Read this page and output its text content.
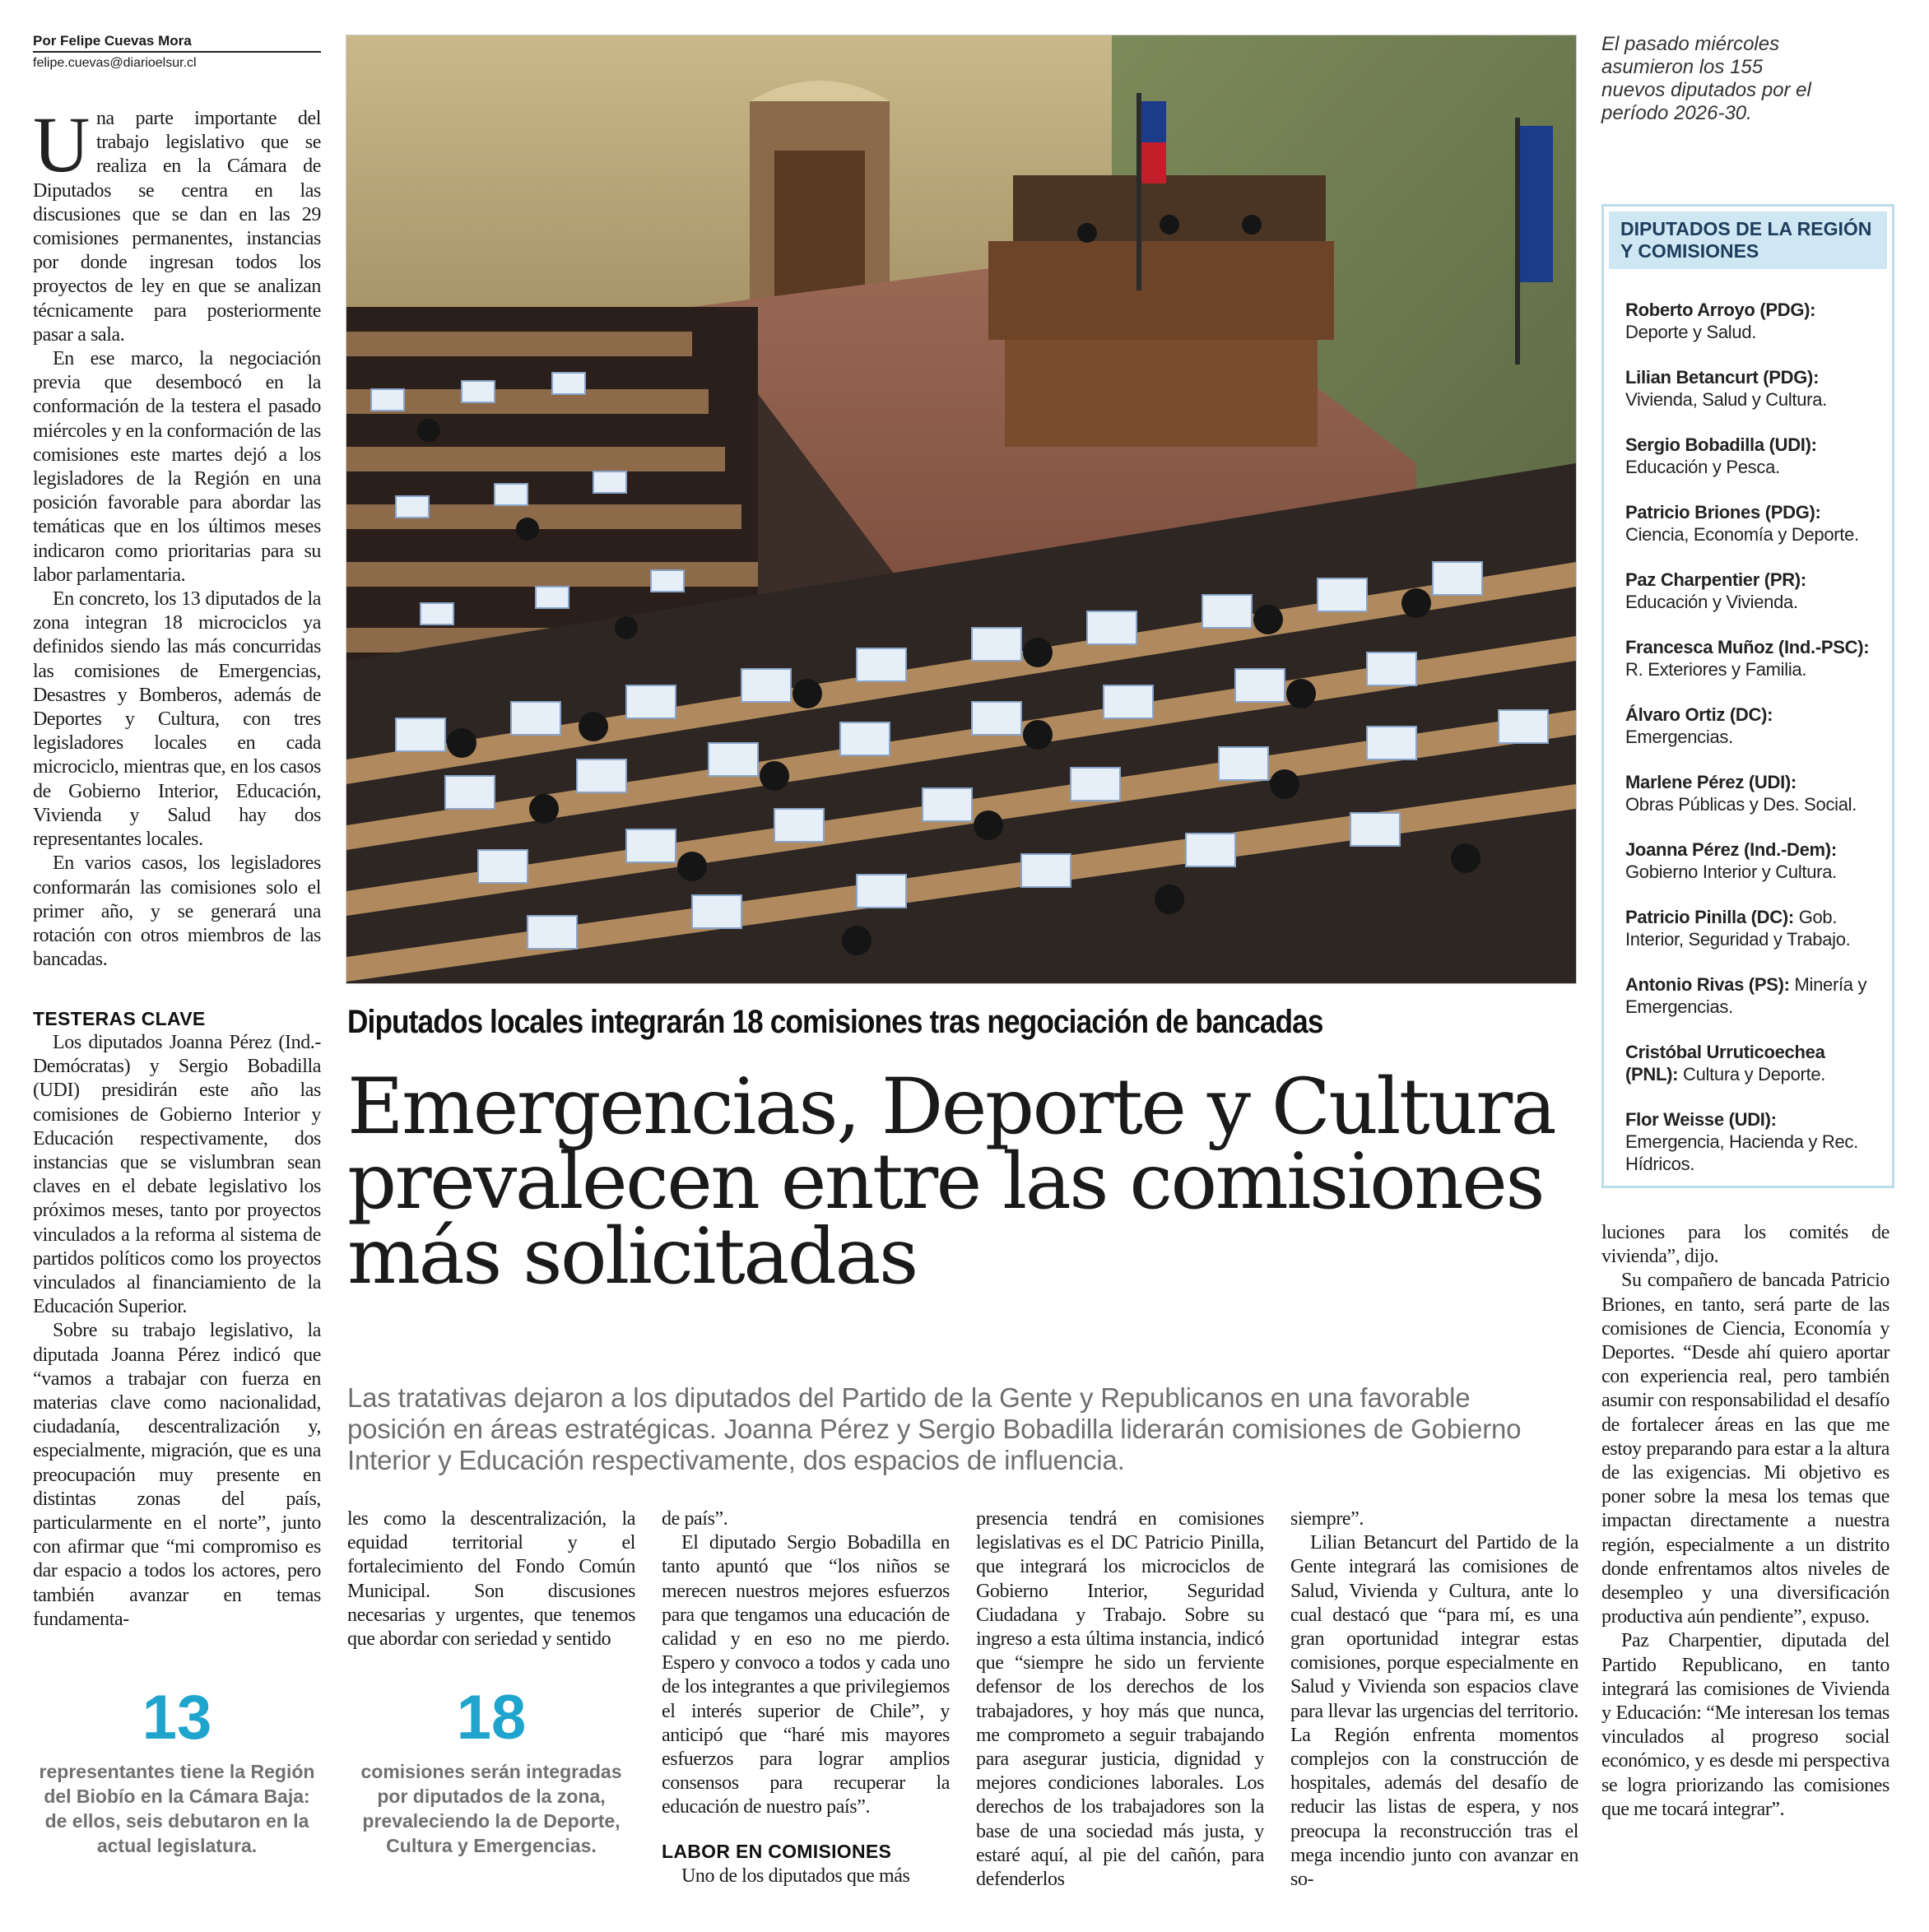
Por Felipe Cuevas Mora
felipe.cuevas@diarioelsur.cl

Una parte importante del trabajo legislativo que se realiza en la Cámara de Diputados se centra en las discusiones que se dan en las 29 comisiones permanentes, instancias por donde ingresan todos los proyectos de ley en que se analizan técnicamente para posteriormente pasar a sala.

En ese marco, la negociación previa que desembocó en la conformación de la testera el pasado miércoles y en la conformación de las comisiones este martes dejó a los legisladores de la Región en una posición favorable para abordar las temáticas que en los últimos meses indicaron como prioritarias para su labor parlamentaria.

En concreto, los 13 diputados de la zona integran 18 microciclos ya definidos siendo las más concurridas las comisiones de Emergencias, Desastres y Bomberos, además de Deportes y Cultura, con tres legisladores locales en cada microciclo, mientras que, en los casos de Gobierno Interior, Educación, Vivienda y Salud hay dos representantes locales.

En varios casos, los legisladores conformarán las comisiones solo el primer año, y se generará una rotación con otros miembros de las bancadas.

TESTERAS CLAVE

Los diputados Joanna Pérez (Ind.-Demócratas) y Sergio Bobadilla (UDI) presidirán este año las comisiones de Gobierno Interior y Educación respectivamente, dos instancias que se vislumbran sean claves en el debate legislativo los próximos meses, tanto por proyectos vinculados a la reforma al sistema de partidos políticos como los proyectos vinculados al financiamiento de la Educación Superior.

Sobre su trabajo legislativo, la diputada Joanna Pérez indicó que “vamos a trabajar con fuerza en materias clave como nacionalidad, ciudadanía, descentralización y, especialmente, migración, que es una preocupación muy presente en distintas zonas del país, particularmente en el norte”, junto con afirmar que “mi compromiso es dar espacio a todos los actores, pero también avanzar en temas fundamenta-

El pasado miércoles asumieron los 155 nuevos diputados por el período 2026-30.
DIPUTADOS DE LA REGIÓN Y COMISIONES
Roberto Arroyo (PDG):
Deporte y Salud.
Lilian Betancurt (PDG):
Vivienda, Salud y Cultura.
Sergio Bobadilla (UDI):
Educación y Pesca.
Patricio Briones (PDG):
Ciencia, Economía y Deporte.
Paz Charpentier (PR):
Educación y Vivienda.
Francesca Muñoz (Ind.-PSC):
R. Exteriores y Familia.
Álvaro Ortiz (DC):
Emergencias.
Marlene Pérez (UDI):
Obras Públicas y Des. Social.
Joanna Pérez (Ind.-Dem):
Gobierno Interior y Cultura.
Patricio Pinilla (DC): Gob. Interior, Seguridad y Trabajo.
Antonio Rivas (PS): Minería y Emergencias.
Cristóbal Urruticoechea (PNL): Cultura y Deporte.
Flor Weisse (UDI): Emergencia, Hacienda y Rec. Hídricos.
Diputados locales integrarán 18 comisiones tras negociación de bancadas
Emergencias, Deporte y Cultura prevalecen entre las comisiones más solicitadas
Las tratativas dejaron a los diputados del Partido de la Gente y Republicanos en una favorable posición en áreas estratégicas. Joanna Pérez y Sergio Bobadilla liderarán comisiones de Gobierno Interior y Educación respectivamente, dos espacios de influencia.

les como la descentralización, la equidad territorial y el fortalecimiento del Fondo Común Municipal. Son discusiones necesarias y urgentes, que tenemos que abordar con seriedad y sentido

de país”.

El diputado Sergio Bobadilla en tanto apuntó que “los niños se merecen nuestros mejores esfuerzos para que tengamos una educación de calidad y en eso no me pierdo. Espero y convoco a todos y cada uno de los integrantes a que privilegiemos el interés superior de Chile”, y anticipó que “haré mis mayores esfuerzos para lograr amplios consensos para recuperar la educación de nuestro país”.

LABOR EN COMISIONES

Uno de los diputados que más

presencia tendrá en comisiones legislativas es el DC Patricio Pinilla, que integrará los microciclos de Gobierno Interior, Seguridad Ciudadana y Trabajo. Sobre su ingreso a esta última instancia, indicó que “siempre he sido un ferviente defensor de los derechos de los trabajadores, y hoy más que nunca, me comprometo a seguir trabajando para asegurar justicia, dignidad y mejores condiciones laborales. Los derechos de los trabajadores son la base de una sociedad más justa, y estaré aquí, al pie del cañón, para defenderlos

siempre”.

Lilian Betancurt del Partido de la Gente integrará las comisiones de Salud, Vivienda y Cultura, ante lo cual destacó que “para mí, es una gran oportunidad integrar estas comisiones, porque especialmente en Salud y Vivienda son espacios clave para llevar las urgencias del territorio. La Región enfrenta momentos complejos con la construcción de hospitales, además del desafío de reducir las listas de espera, y nos preocupa la reconstrucción tras el mega incendio junto con avanzar en so-

luciones para los comités de vivienda”, dijo.

Su compañero de bancada Patricio Briones, en tanto, será parte de las comisiones de Ciencia, Economía y Deportes. “Desde ahí quiero aportar con experiencia real, pero también asumir con responsabilidad el desafío de fortalecer áreas en las que me estoy preparando para estar a la altura de las exigencias. Mi objetivo es poner sobre la mesa los temas que impactan directamente a nuestra región, especialmente a un distrito donde enfrentamos altos niveles de desempleo y una diversificación productiva aún pendiente”, expuso.

Paz Charpentier, diputada del Partido Republicano, en tanto integrará las comisiones de Vivienda y Educación: “Me interesan los temas vinculados al progreso social económico, y es desde mi perspectiva se logra priorizando las comisiones que me tocará integrar”.

13
representantes tiene la Región del Biobío en la Cámara Baja: de ellos, seis debutaron en la actual legislatura.
18
comisiones serán integradas por diputados de la zona, prevaleciendo la de Deporte, Cultura y Emergencias.
